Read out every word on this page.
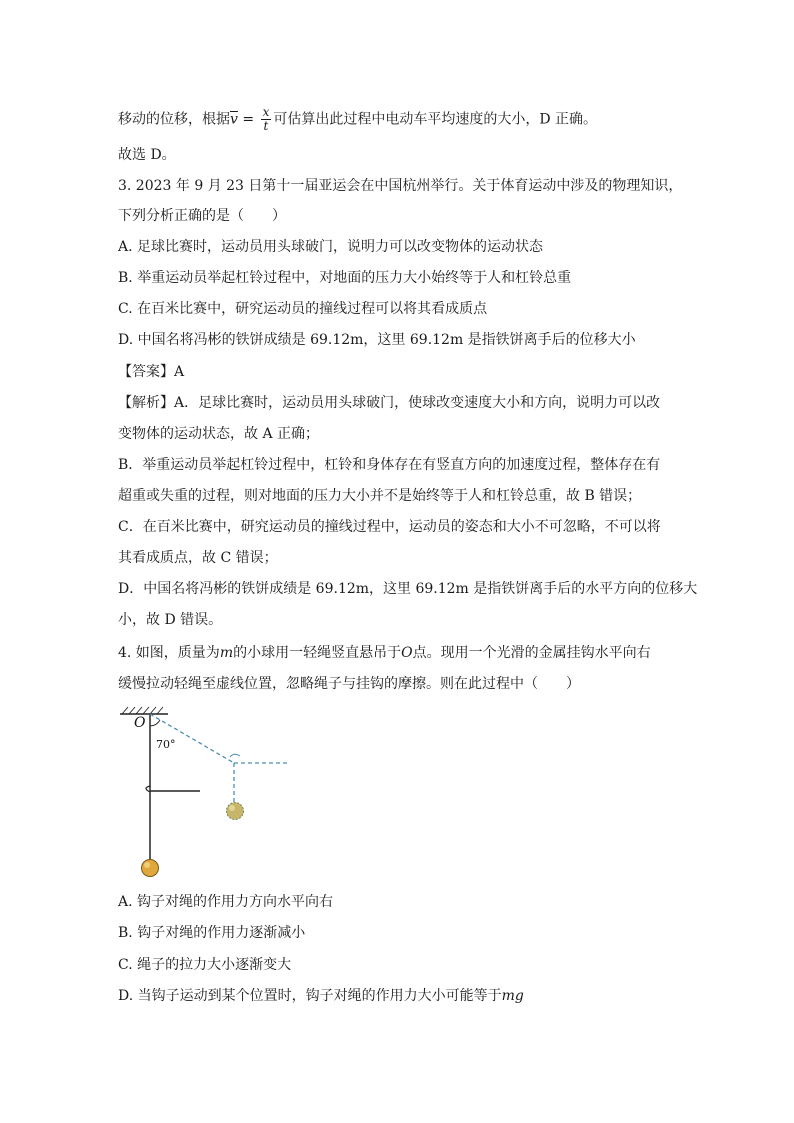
移动的位移，根据$\overline{v} = \frac{x}{t}$ 可估算出此过程中电动车平均速度的大小，D 正确。
故选 D。
3. 2023 年 9 月 23 日第十一届亚运会在中国杭州举行。关于体育运动中涉及的物理知识，
下列分析正确的是（　　）
A. 足球比赛时，运动员用头球破门，说明力可以改变物体的运动状态
B. 举重运动员举起杠铃过程中，对地面的压力大小始终等于人和杠铃总重
C. 在百米比赛中，研究运动员的撞线过程可以将其看成质点
D. 中国名将冯彬的铁饼成绩是 69.12m，这里 69.12m 是指铁饼离手后的位移大小
【答案】A
【解析】A．足球比赛时，运动员用头球破门，使球改变速度大小和方向，说明力可以改
变物体的运动状态，故 A 正确；
B．举重运动员举起杠铃过程中，杠铃和身体存在有竖直方向的加速度过程，整体存在有
超重或失重的过程，则对地面的压力大小并不是始终等于人和杠铃总重，故 B 错误；
C．在百米比赛中，研究运动员的撞线过程中，运动员的姿态和大小不可忽略，不可以将
其看成质点，故 C 错误；
D．中国名将冯彬的铁饼成绩是 69.12m，这里 69.12m 是指铁饼离手后的水平方向的位移大
小，故 D 错误。
4. 如图，质量为m的小球用一轻绳竖直悬吊于O点。现用一个光滑的金属挂钩水平向右
缓慢拉动轻绳至虚线位置，忽略绳子与挂钩的摩擦。则在此过程中（　　）
O
70°
A. 钩子对绳的作用力方向水平向右
B. 钩子对绳的作用力逐渐减小
C. 绳子的拉力大小逐渐变大
D. 当钩子运动到某个位置时，钩子对绳的作用力大小可能等于mg
